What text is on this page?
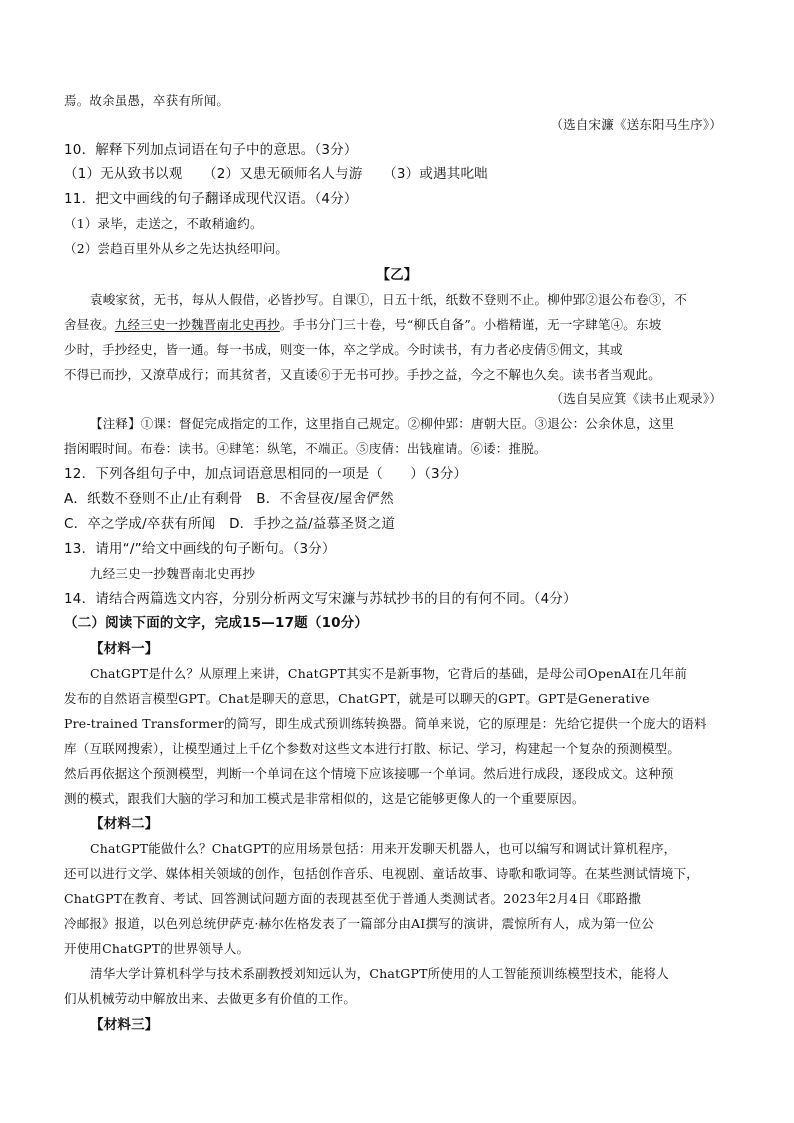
焉。故余虽愚，卒获有所闻。
（选自宋濂《送东阳马生序》）
10．解释下列加点词语在句子中的意思。（3分）
（1）无从致书以观　　（2）又患无硕师名人与游　　（3）或遇其叱咄
11．把文中画线的句子翻译成现代汉语。（4分）
（1）录毕，走送之，不敢稍逾约。
（2）尝趋百里外从乡之先达执经叩问。
【乙】
袁峻家贫，无书，每从人假借，必皆抄写。自课①，日五十纸，纸数不登则不止。柳仲郢②退公布卷③，不
舍昼夜。九经三史一抄魏晋南北史再抄。手书分门三十卷，号“柳氏自备”。小楷精谨，无一字肆笔④。东坡
少时，手抄经史，皆一通。每一书成，则变一体，卒之学成。今时读书，有力者必庋倩⑤佣文，其或
不得已而抄，又潦草成行；而其贫者，又直诿⑥于无书可抄。手抄之益，今之不解也久矣。读书者当观此。
（选自吴应箕《读书止观录》）
【注释】①课：督促完成指定的工作，这里指自己规定。②柳仲郢：唐朝大臣。③退公：公余休息，这里
指闲暇时间。布卷：读书。④肆笔：纵笔，不端正。⑤庋倩：出钱雇请。⑥诿：推脱。
12．下列各组句子中，加点词语意思相同的一项是（　　）（3分）
A．纸数不登则不止/止有剩骨　B．不舍昼夜/屋舍俨然
C．卒之学成/卒获有所闻　D．手抄之益/益慕圣贤之道
13．请用“/”给文中画线的句子断句。（3分）
九经三史一抄魏晋南北史再抄
14．请结合两篇选文内容，分别分析两文写宋濂与苏轼抄书的目的有何不同。（4分）
（二）阅读下面的文字，完成15—17题（10分）
【材料一】
ChatGPT是什么？从原理上来讲，ChatGPT其实不是新事物，它背后的基础，是母公司OpenAI在几年前
发布的自然语言模型GPT。Chat是聊天的意思，ChatGPT，就是可以聊天的GPT。GPT是Generative
Pre-trained Transformer的简写，即生成式预训练转换器。简单来说，它的原理是：先给它提供一个庞大的语料
库（互联网搜索），让模型通过上千亿个参数对这些文本进行打散、标记、学习，构建起一个复杂的预测模型。
然后再依据这个预测模型，判断一个单词在这个情境下应该接哪一个单词。然后进行成段，逐段成文。这种预
测的模式，跟我们大脑的学习和加工模式是非常相似的，这是它能够更像人的一个重要原因。
【材料二】
ChatGPT能做什么？ChatGPT的应用场景包括：用来开发聊天机器人，也可以编写和调试计算机程序，
还可以进行文学、媒体相关领域的创作，包括创作音乐、电视剧、童话故事、诗歌和歌词等。在某些测试情境下，
ChatGPT在教育、考试、回答测试问题方面的表现甚至优于普通人类测试者。2023年2月4日《耶路撒
冷邮报》报道，以色列总统伊萨克·赫尔佐格发表了一篇部分由AI撰写的演讲，震惊所有人，成为第一位公
开使用ChatGPT的世界领导人。
清华大学计算机科学与技术系副教授刘知远认为，ChatGPT所使用的人工智能预训练模型技术，能将人
们从机械劳动中解放出来、去做更多有价值的工作。
【材料三】
